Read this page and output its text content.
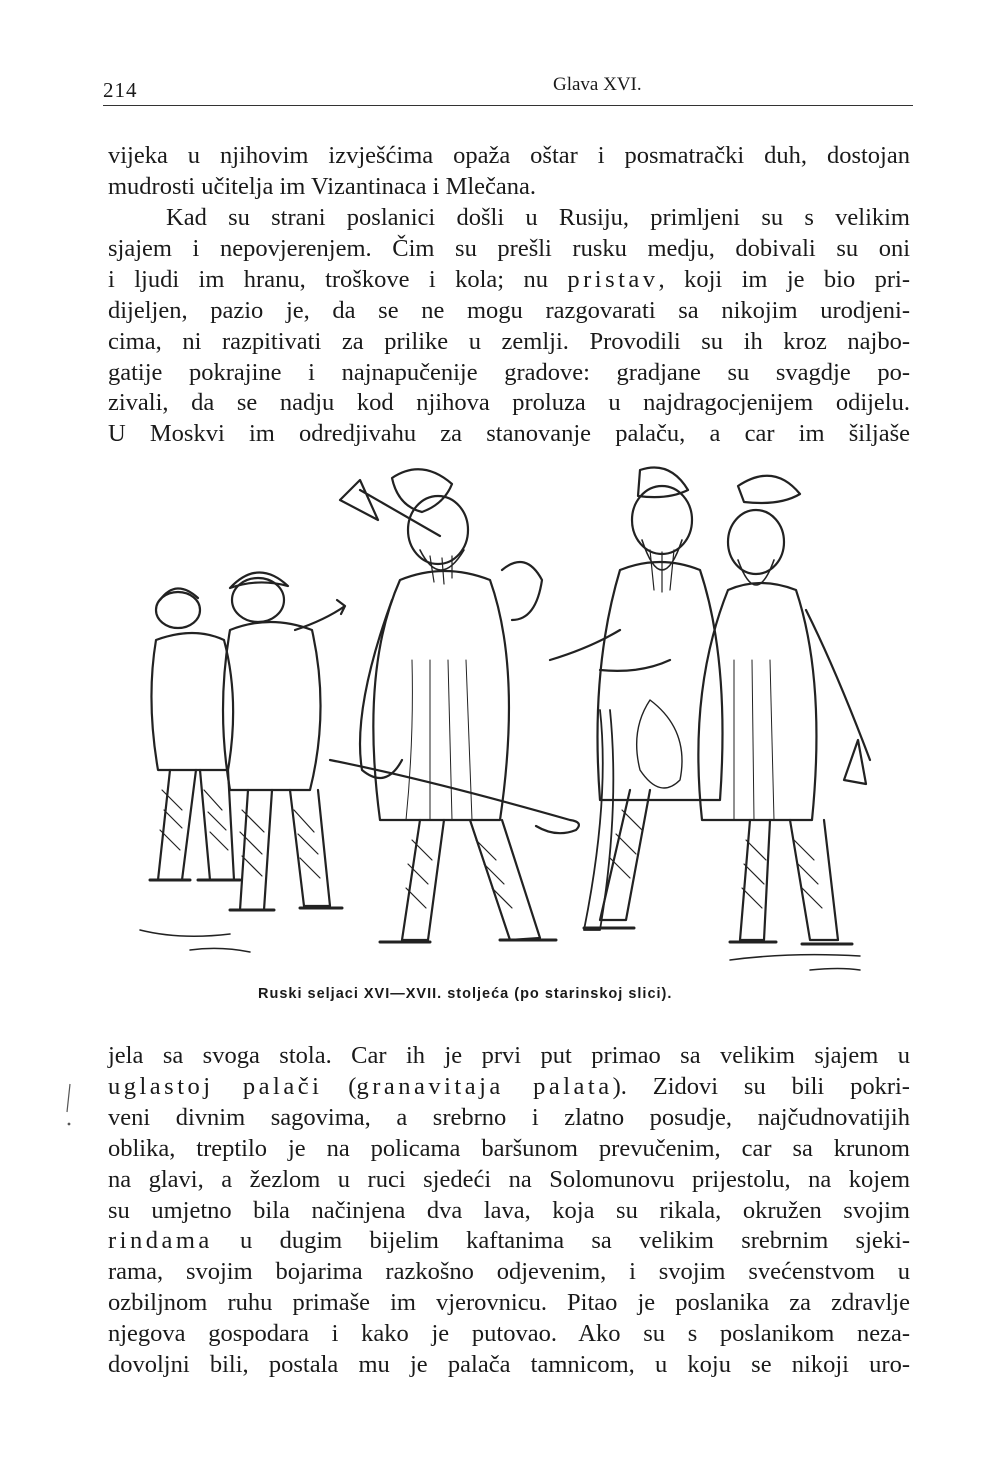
214	Glava XVI.
vijeka u njihovim izvješćima opaža oštar i posmatrački duh, dostojan
mudrosti učitelja im Vizantinaca i Mlečana.
Kad su strani poslanici došli u Rusiju, primljeni su s velikim
sjajem i nepovjerenjem. Čim su prešli rusku medju, dobivali su oni
i ljudi im hranu, troškove i kola; nu pristav, koji im je bio pri-
dijeljen, pazio je, da se ne mogu razgovarati sa nikojim urodjeni-
cima, ni razpitivati za prilike u zemlji. Provodili su ih kroz najbo-
gatije pokrajine i najnapučenije gradove: gradjane su svagdje po-
zivali, da se nadju kod njihova proluza u najdragocjenijem odijelu.
U Moskvi im odredjivahu za stanovanje palaču, a car im šiljaše
Ruski seljaci XVI—XVII. stoljeća (po starinskoj slici).
jela sa svoga stola. Car ih je prvi put primao sa velikim sjajem u
uglastoj palači (granavitaja palata). Zidovi su bili pokri-
veni divnim sagovima, a srebrno i zlatno posudje, najčudnovatijih
oblika, treptilo je na policama baršunom prevučenim, car sa krunom
na glavi, a žezlom u ruci sjedeći na Solomunovu prijestolu, na kojem
su umjetno bila načinjena dva lava, koja su rikala, okružen svojim
rindama u dugim bijelim kaftanima sa velikim srebrnim sjeki-
rama, svojim bojarima razkošno odjevenim, i svojim svećenstvom u
ozbiljnom ruhu primaše im vjerovnicu. Pitao je poslanika za zdravlje
njegova gospodara i kako je putovao. Ako su s poslanikom neza-
dovoljni bili, postala mu je palača tamnicom, u koju se nikoji uro-
